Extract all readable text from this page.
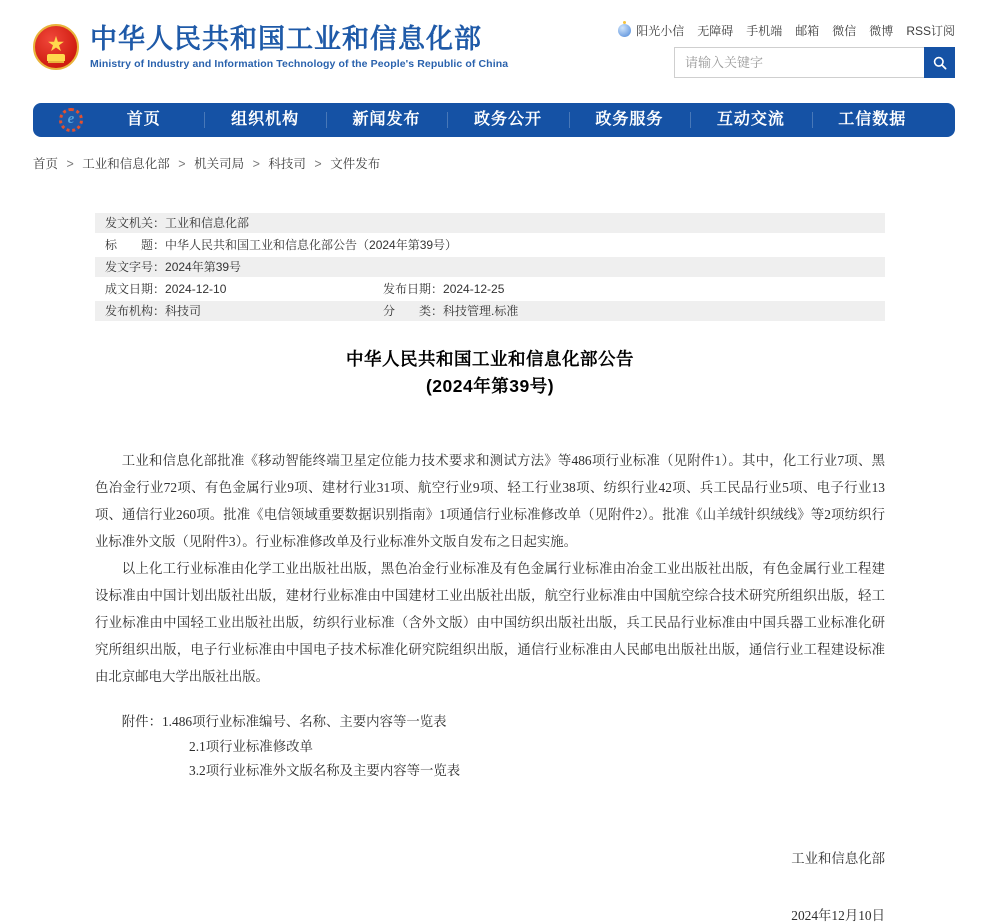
★ 中华人民共和国工业和信息化部
Ministry of Industry and Information Technology of the People's Republic of China
阳光小信 无障碍 手机端 邮箱 微信 微博 RSS订阅
请输入关键字
e	首页	组织机构	新闻发布	政务公开	政务服务	互动交流	工信数据
首页 > 工业和信息化部 > 机关司局 > 科技司 > 文件发布
发文机关：工业和信息化部
标　　题：中华人民共和国工业和信息化部公告（2024年第39号）
发文字号：2024年第39号
成文日期：2024-12-10	发布日期：2024-12-25
发布机构：科技司	分　　类：科技管理.标准
中华人民共和国工业和信息化部公告
(2024年第39号)

工业和信息化部批准《移动智能终端卫星定位能力技术要求和测试方法》等486项行业标准（见附件1）。其中，化工行业7项、黑色冶金行业72项、有色金属行业9项、建材行业31项、航空行业9项、轻工行业38项、纺织行业42项、兵工民品行业5项、电子行业13项、通信行业260项。批准《电信领域重要数据识别指南》1项通信行业标准修改单（见附件2）。批准《山羊绒针织绒线》等2项纺织行业标准外文版（见附件3）。行业标准修改单及行业标准外文版自发布之日起实施。

以上化工行业标准由化学工业出版社出版，黑色冶金行业标准及有色金属行业标准由冶金工业出版社出版，有色金属行业工程建设标准由中国计划出版社出版，建材行业标准由中国建材工业出版社出版，航空行业标准由中国航空综合技术研究所组织出版，轻工行业标准由中国轻工业出版社出版，纺织行业标准（含外文版）由中国纺织出版社出版，兵工民品行业标准由中国兵器工业标准化研究所组织出版，电子行业标准由中国电子技术标准化研究院组织出版，通信行业标准由人民邮电出版社出版，通信行业工程建设标准由北京邮电大学出版社出版。

附件：1.486项行业标准编号、名称、主要内容等一览表
2.1项行业标准修改单
3.2项行业标准外文版名称及主要内容等一览表
工业和信息化部
2024年12月10日
